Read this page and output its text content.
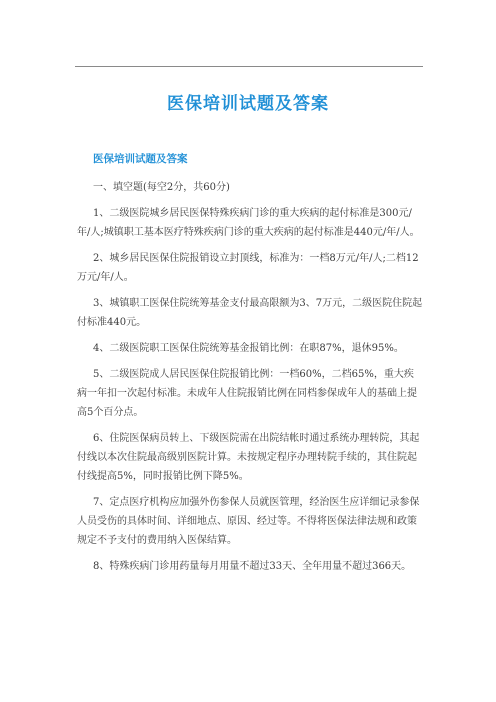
医保培训试题及答案
医保培训试题及答案

一、填空题(每空2分，共60分)

1、二级医院城乡居民医保特殊疾病门诊的重大疾病的起付标准是300元/年/人;城镇职工基本医疗特殊疾病门诊的重大疾病的起付标准是440元/年/人。

2、城乡居民医保住院报销设立封顶线，标准为：一档8万元/年/人;二档12万元/年/人。

3、城镇职工医保住院统筹基金支付最高限额为3、7万元，二级医院住院起付标准440元。

4、二级医院职工医保住院统筹基金报销比例：在职87%，退休95%。

5、二级医院成人居民医保住院报销比例：一档60%，二档65%，重大疾病一年扣一次起付标准。未成年人住院报销比例在同档参保成年人的基础上提高5个百分点。

6、住院医保病员转上、下级医院需在出院结帐时通过系统办理转院，其起付线以本次住院最高级别医院计算。未按规定程序办理转院手续的，其住院起付线提高5%，同时报销比例下降5%。

7、定点医疗机构应加强外伤参保人员就医管理，经治医生应详细记录参保人员受伤的具体时间、详细地点、原因、经过等。不得将医保法律法规和政策规定不予支付的费用纳入医保结算。

8、特殊疾病门诊用药量每月用量不超过33天、全年用量不超过366天。
